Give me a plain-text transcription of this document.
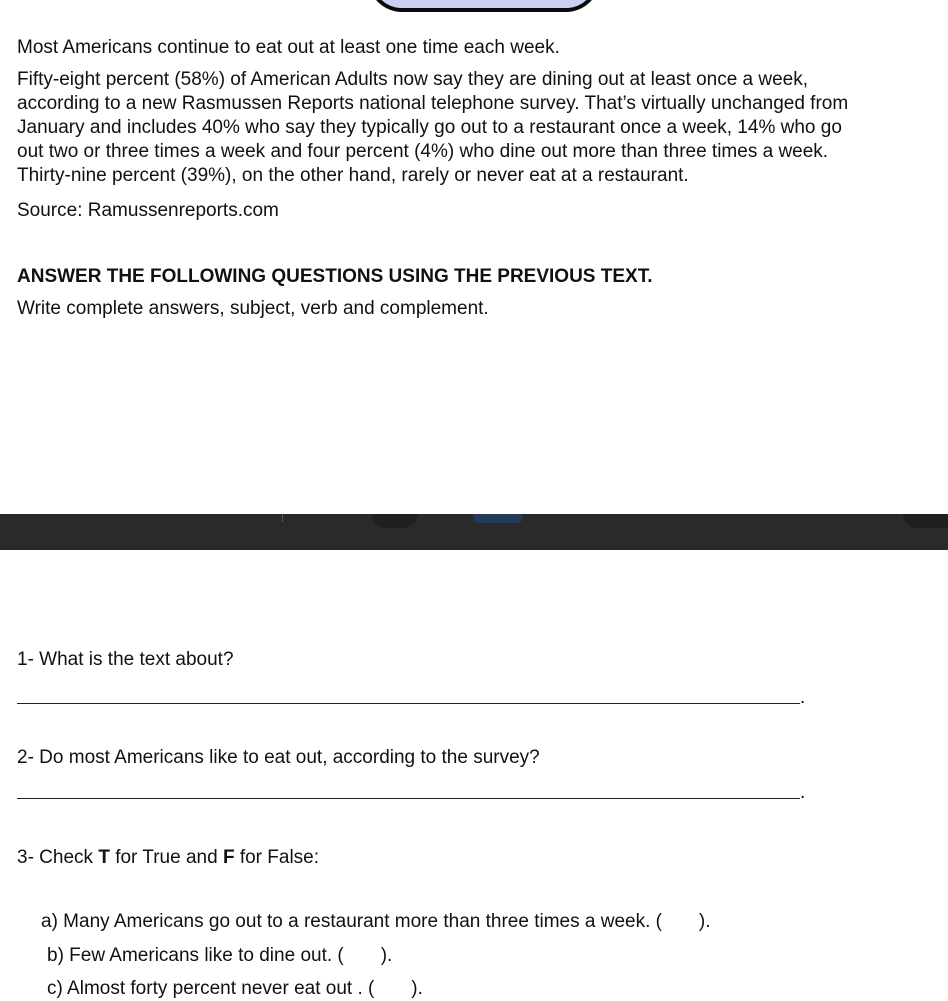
Most Americans continue to eat out at least one time each week.

Fifty-eight percent (58%) of American Adults now say they are dining out at least once a week,
according to a new Rasmussen Reports national telephone survey. That’s virtually unchanged from
January and includes 40% who say they typically go out to a restaurant once a week, 14% who go
out two or three times a week and four percent (4%) who dine out more than three times a week.
Thirty-nine percent (39%), on the other hand, rarely or never eat at a restaurant.

Source: Ramussenreports.com

ANSWER THE FOLLOWING QUESTIONS USING THE PREVIOUS TEXT.

Write complete answers, subject, verb and complement.

1- What is the text about?

.

2- Do most Americans like to eat out, according to the survey?

.

3- Check T for True and F for False:

a) Many Americans go out to a restaurant more than three times a week. (       ).

b) Few Americans like to dine out. (       ).

c) Almost forty percent never eat out . (       ).
